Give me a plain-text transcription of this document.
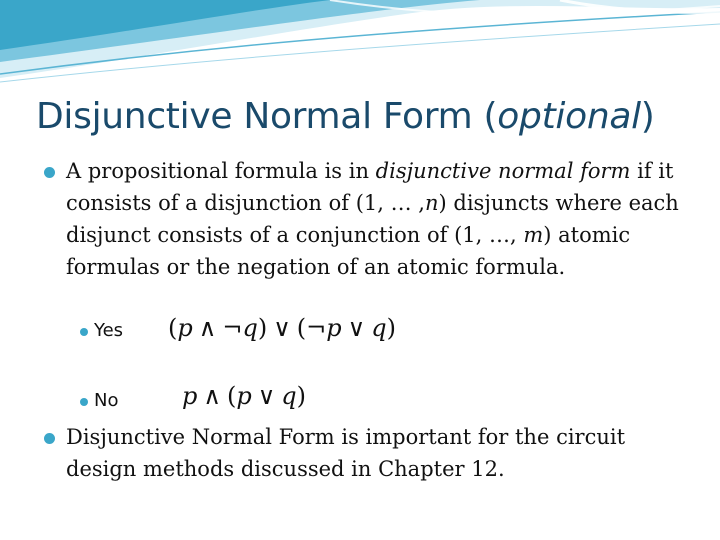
Disjunctive Normal Form (optional)
A propositional formula is in disjunctive normal form if it consists of a disjunction of (1, … ,n) disjuncts where each disjunct consists of a conjunction of (1, …, m) atomic formulas or the negation of an atomic formula.
Yes (p ∧ ¬q) ∨ (¬p ∨ q)
No	p ∧ (p ∨ q)
Disjunctive Normal Form is important for the circuit design methods discussed in Chapter 12.
